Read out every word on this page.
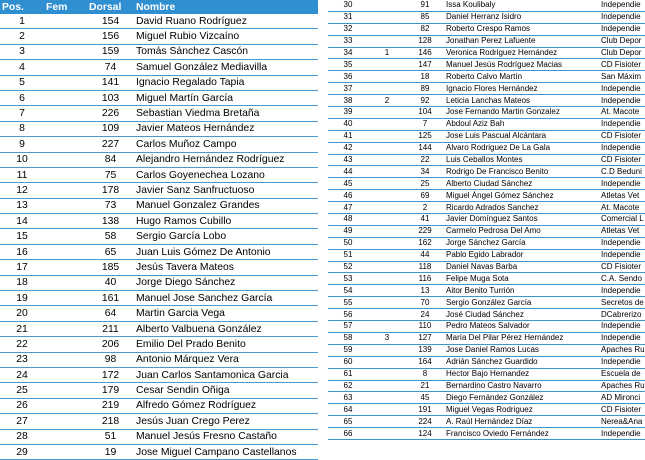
Pos.	Fem	Dorsal	Nombre
1		154	David Ruano Rodríguez
2		156	Miguel Rubio Vizcaíno
3		159	Tomás Sánchez Cascón
4		74	Samuel González Mediavilla
5		141	Ignacio Regalado Tapia
6		103	Miguel Martín García
7		226	Sebastian Viedma Bretaña
8		109	Javier Mateos Hernández
9		227	Carlos Muñoz Campo
10		84	Alejandro Hernández Rodríguez
11		75	Carlos Goyenechea Lozano
12		178	Javier Sanz Sanfructuoso
13		73	Manuel Gonzalez Grandes
14		138	Hugo Ramos Cubillo
15		58	Sergio García Lobo
16		65	Juan Luis Gómez De Antonio
17		185	Jesús Tavera Mateos
18		40	Jorge Diego Sánchez
19		161	Manuel Jose Sanchez García
20		64	Martin Garcia Vega
21		211	Alberto Valbuena González
22		206	Emilio Del Prado Benito
23		98	Antonio Márquez Vera
24		172	Juan Carlos Santamonica Garcia
25		179	Cesar Sendin Oñiga
26		219	Alfredo Gómez Rodríguez
27		218	Jesús Juan Crego Perez
28		51	Manuel Jesús Fresno Castaño
29		19	Jose Miguel Campano Castellanos
30		91	Issa Koulibaly	Independie
31		85	Daniel Herranz Isidro	Independie
32		82	Roberto Crespo Ramos	Independie
33		128	Jonathan Perez Lafuente	Club Depor
34	1	146	Veronica Rodriguez Hernández	Club Depor
35		147	Manuel Jesús Rodríguez Macias	CD Fisioter
36		18	Roberto Calvo Martín	San Máxim
37		89	Ignacio Flores Hernández	Independie
38	2	92	Leticia Lanchas Mateos	Independie
39		104	Jose Fernando Martin Gonzalez	At. Macote
40		7	Abdoul Aziz Bah	Independie
41		125	Jose Luis Pascual Alcántara	CD Fisioter
42		144	Alvaro Rodriguez De La Gala	Independie
43		22	Luis Ceballos Montes	CD Fisioter
44		34	Rodrigo De Francisco Benito	C.D Beduni
45		25	Alberto Ciudad Sánchez	Independie
46		69	Miguel Ángel Gómez Sánchez	Atletas Vet
47		2	Ricardo Adrados Sanchez	At. Macote
48		41	Javier Domínguez Santos	Comercial L
49		229	Carmelo Pedrosa Del Amo	Atletas Vet
50		162	Jorge Sánchez García	Independie
51		44	Pablo Egido Labrador	Independie
52		118	Daniel Navas Barba	CD Fisioter
53		116	Felipe Muga Sota	C.A. Sendo
54		13	Aitor Benito Turrión	Independie
55		70	Sergio González García	Secretos de
56		24	José Ciudad Sánchez	DCabrerizo
57		110	Pedro Mateos Salvador	Independie
58	3	127	María Del Pilar Pérez Hernández	Independie
59		139	Jose Daniel Ramos Lucas	Apaches Ru
60		164	Adrián Sánchez Guardido	Independie
61		8	Hector Bajo Hernandez	Escuela de
62		21	Bernardino Castro Navarro	Apaches Ru
63		45	Diego Fernández González	AD Mironci
64		191	Miguel Vegas Rodriguez	CD Fisioter
65		224	A. Raúl Hernández Díaz	Nerea&Ana
66		124	Francisco Oviedo Fernández	Independie
